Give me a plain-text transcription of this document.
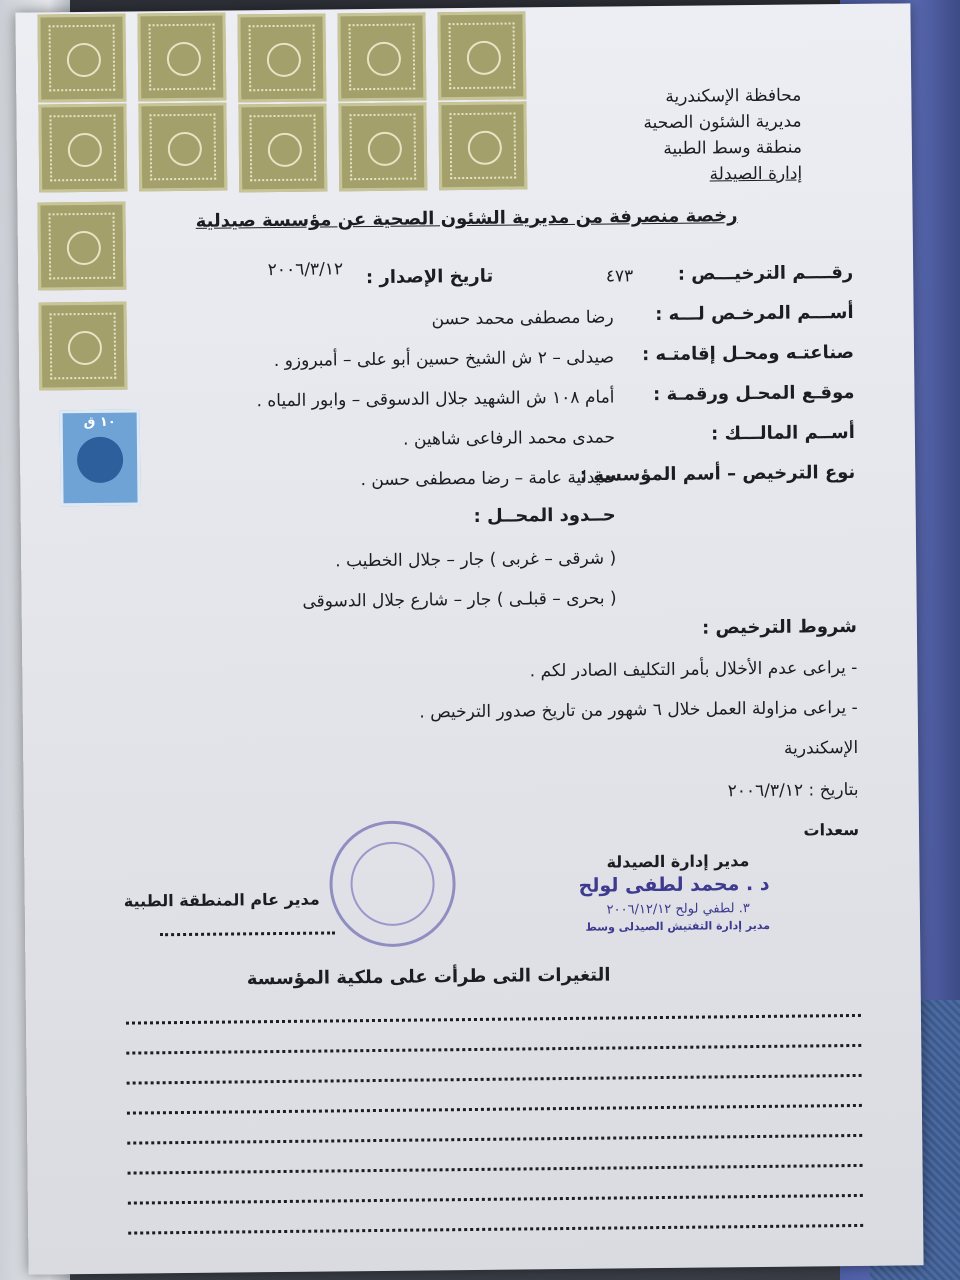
١٠ ق
محافظة الإسكندرية
مديرية الشئون الصحية
منطقة وسط الطبية
إدارة الصيدلة
رخصة منصرفة من مديرية الشئون الصحية عن مؤسسة صيدلية
رقــــم الترخيـــص :
٤٧٣
تاريخ الإصدار :
٢٠٠٦/٣/١٢
أســـم المرخـص لـــه :
رضا مصطفى محمد حسن
صناعتـه ومحـل إقامتـه :
صيدلى – ٢ ش الشيخ حسين أبو على – أمبروزو .
موقـع المحـل ورقمـة :
أمام ١٠٨ ش الشهيد جلال الدسوقى – وابور المياه .
أســم المالـــك :
حمدى محمد الرفاعى شاهين .
نوع الترخيص – أسم المؤسسة :
صيدلية عامة – رضا مصطفى حسن .
حــدود المحــل :
( شرقى – غربى ) جار – جلال الخطيب .
( بحرى – قبلـى ) جار – شارع جلال الدسوقى
شروط الترخيص :
- يراعى عدم الأخلال بأمر التكليف الصادر لكم .
- يراعى مزاولة العمل خلال ٦ شهور من تاريخ صدور الترخيص .
الإسكندرية
بتاريخ : ٢٠٠٦/٣/١٢
سعدات
مدير إدارة الصيدلة
د . محمد لطفى لولح
٣. لطفي لولح ٢٠٠٦/١٢/١٢
مدير إدارة التفتيش الصيدلى وسط
مدير عام المنطقة الطبية
التغيرات التى طرأت على ملكية المؤسسة
